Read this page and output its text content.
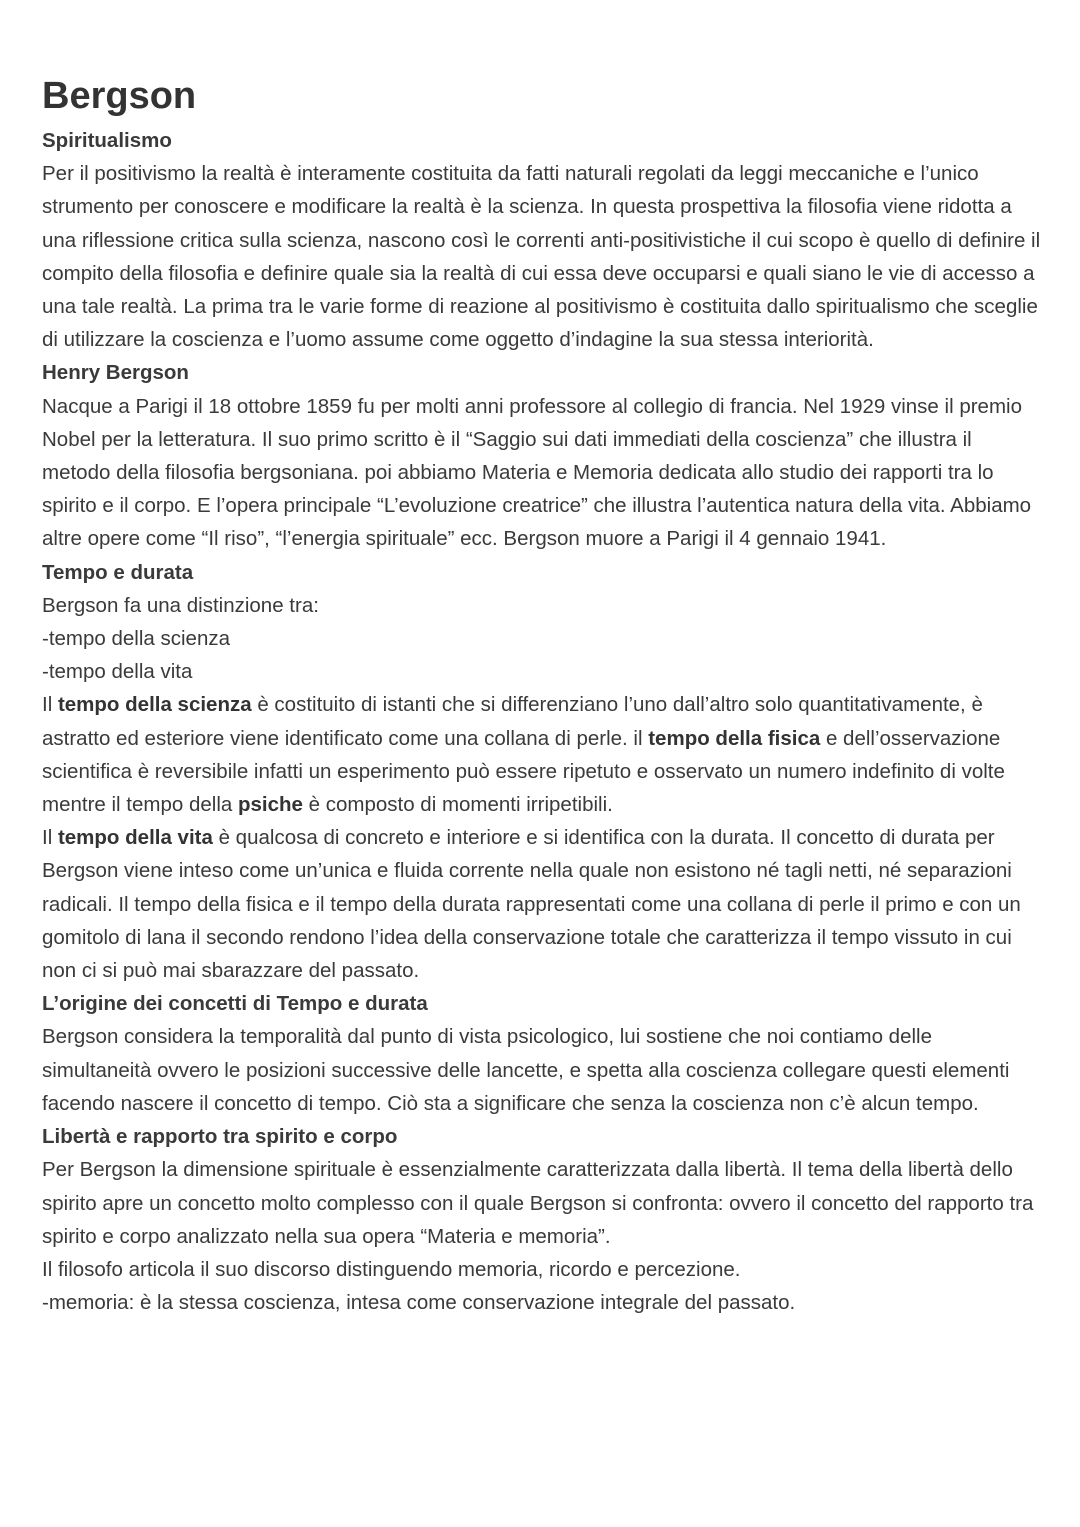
Bergson
Spiritualismo

Per il positivismo la realtà è interamente costituita da fatti naturali regolati da leggi meccaniche e l’unico strumento per conoscere e modificare la realtà è la scienza. In questa prospettiva la filosofia viene ridotta a una riflessione critica sulla scienza, nascono così le correnti anti-positivistiche il cui scopo è quello di definire il compito della filosofia e definire quale sia la realtà di cui essa deve occuparsi e quali siano le vie di accesso a una tale realtà. La prima tra le varie forme di reazione al positivismo è costituita dallo spiritualismo che sceglie di utilizzare la coscienza e l’uomo assume come oggetto d’indagine la sua stessa interiorità.

Henry Bergson

Nacque a Parigi il 18 ottobre 1859 fu per molti anni professore al collegio di francia. Nel 1929 vinse il premio Nobel per la letteratura. Il suo primo scritto è il “Saggio sui dati immediati della coscienza” che illustra il metodo della filosofia bergsoniana. poi abbiamo Materia e Memoria dedicata allo studio dei rapporti tra lo spirito e il corpo. E l’opera principale “L’evoluzione creatrice” che illustra l’autentica natura della vita. Abbiamo altre opere come “Il riso”, “l’energia spirituale” ecc. Bergson muore a Parigi il 4 gennaio 1941.

Tempo e durata

Bergson fa una distinzione tra:

-tempo della scienza

-tempo della vita

Il tempo della scienza è costituito di istanti che si differenziano l’uno dall’altro solo quantitativamente, è astratto ed esteriore viene identificato come una collana di perle. il tempo della fisica e dell’osservazione scientifica è reversibile infatti un esperimento può essere ripetuto e osservato un numero indefinito di volte mentre il tempo della psiche è composto di momenti irripetibili.

Il tempo della vita è qualcosa di concreto e interiore e si identifica con la durata. Il concetto di durata per Bergson viene inteso come un’unica e fluida corrente nella quale non esistono né tagli netti, né separazioni radicali. Il tempo della fisica e il tempo della durata rappresentati come una collana di perle il primo e con un gomitolo di lana il secondo rendono l’idea della conservazione totale che caratterizza il tempo vissuto in cui non ci si può mai sbarazzare del passato.

L’origine dei concetti di Tempo e durata

Bergson considera la temporalità dal punto di vista psicologico, lui sostiene che noi contiamo delle simultaneità ovvero le posizioni successive delle lancette, e spetta alla coscienza collegare questi elementi facendo nascere il concetto di tempo. Ciò sta a significare che senza la coscienza non c’è alcun tempo.

Libertà e rapporto tra spirito e corpo

Per Bergson la dimensione spirituale è essenzialmente caratterizzata dalla libertà. Il tema della libertà dello spirito apre un concetto molto complesso con il quale Bergson si confronta: ovvero il concetto del rapporto tra spirito e corpo analizzato nella sua opera “Materia e memoria”.

Il filosofo articola il suo discorso distinguendo memoria, ricordo e percezione.

-memoria: è la stessa coscienza, intesa come conservazione integrale del passato.
